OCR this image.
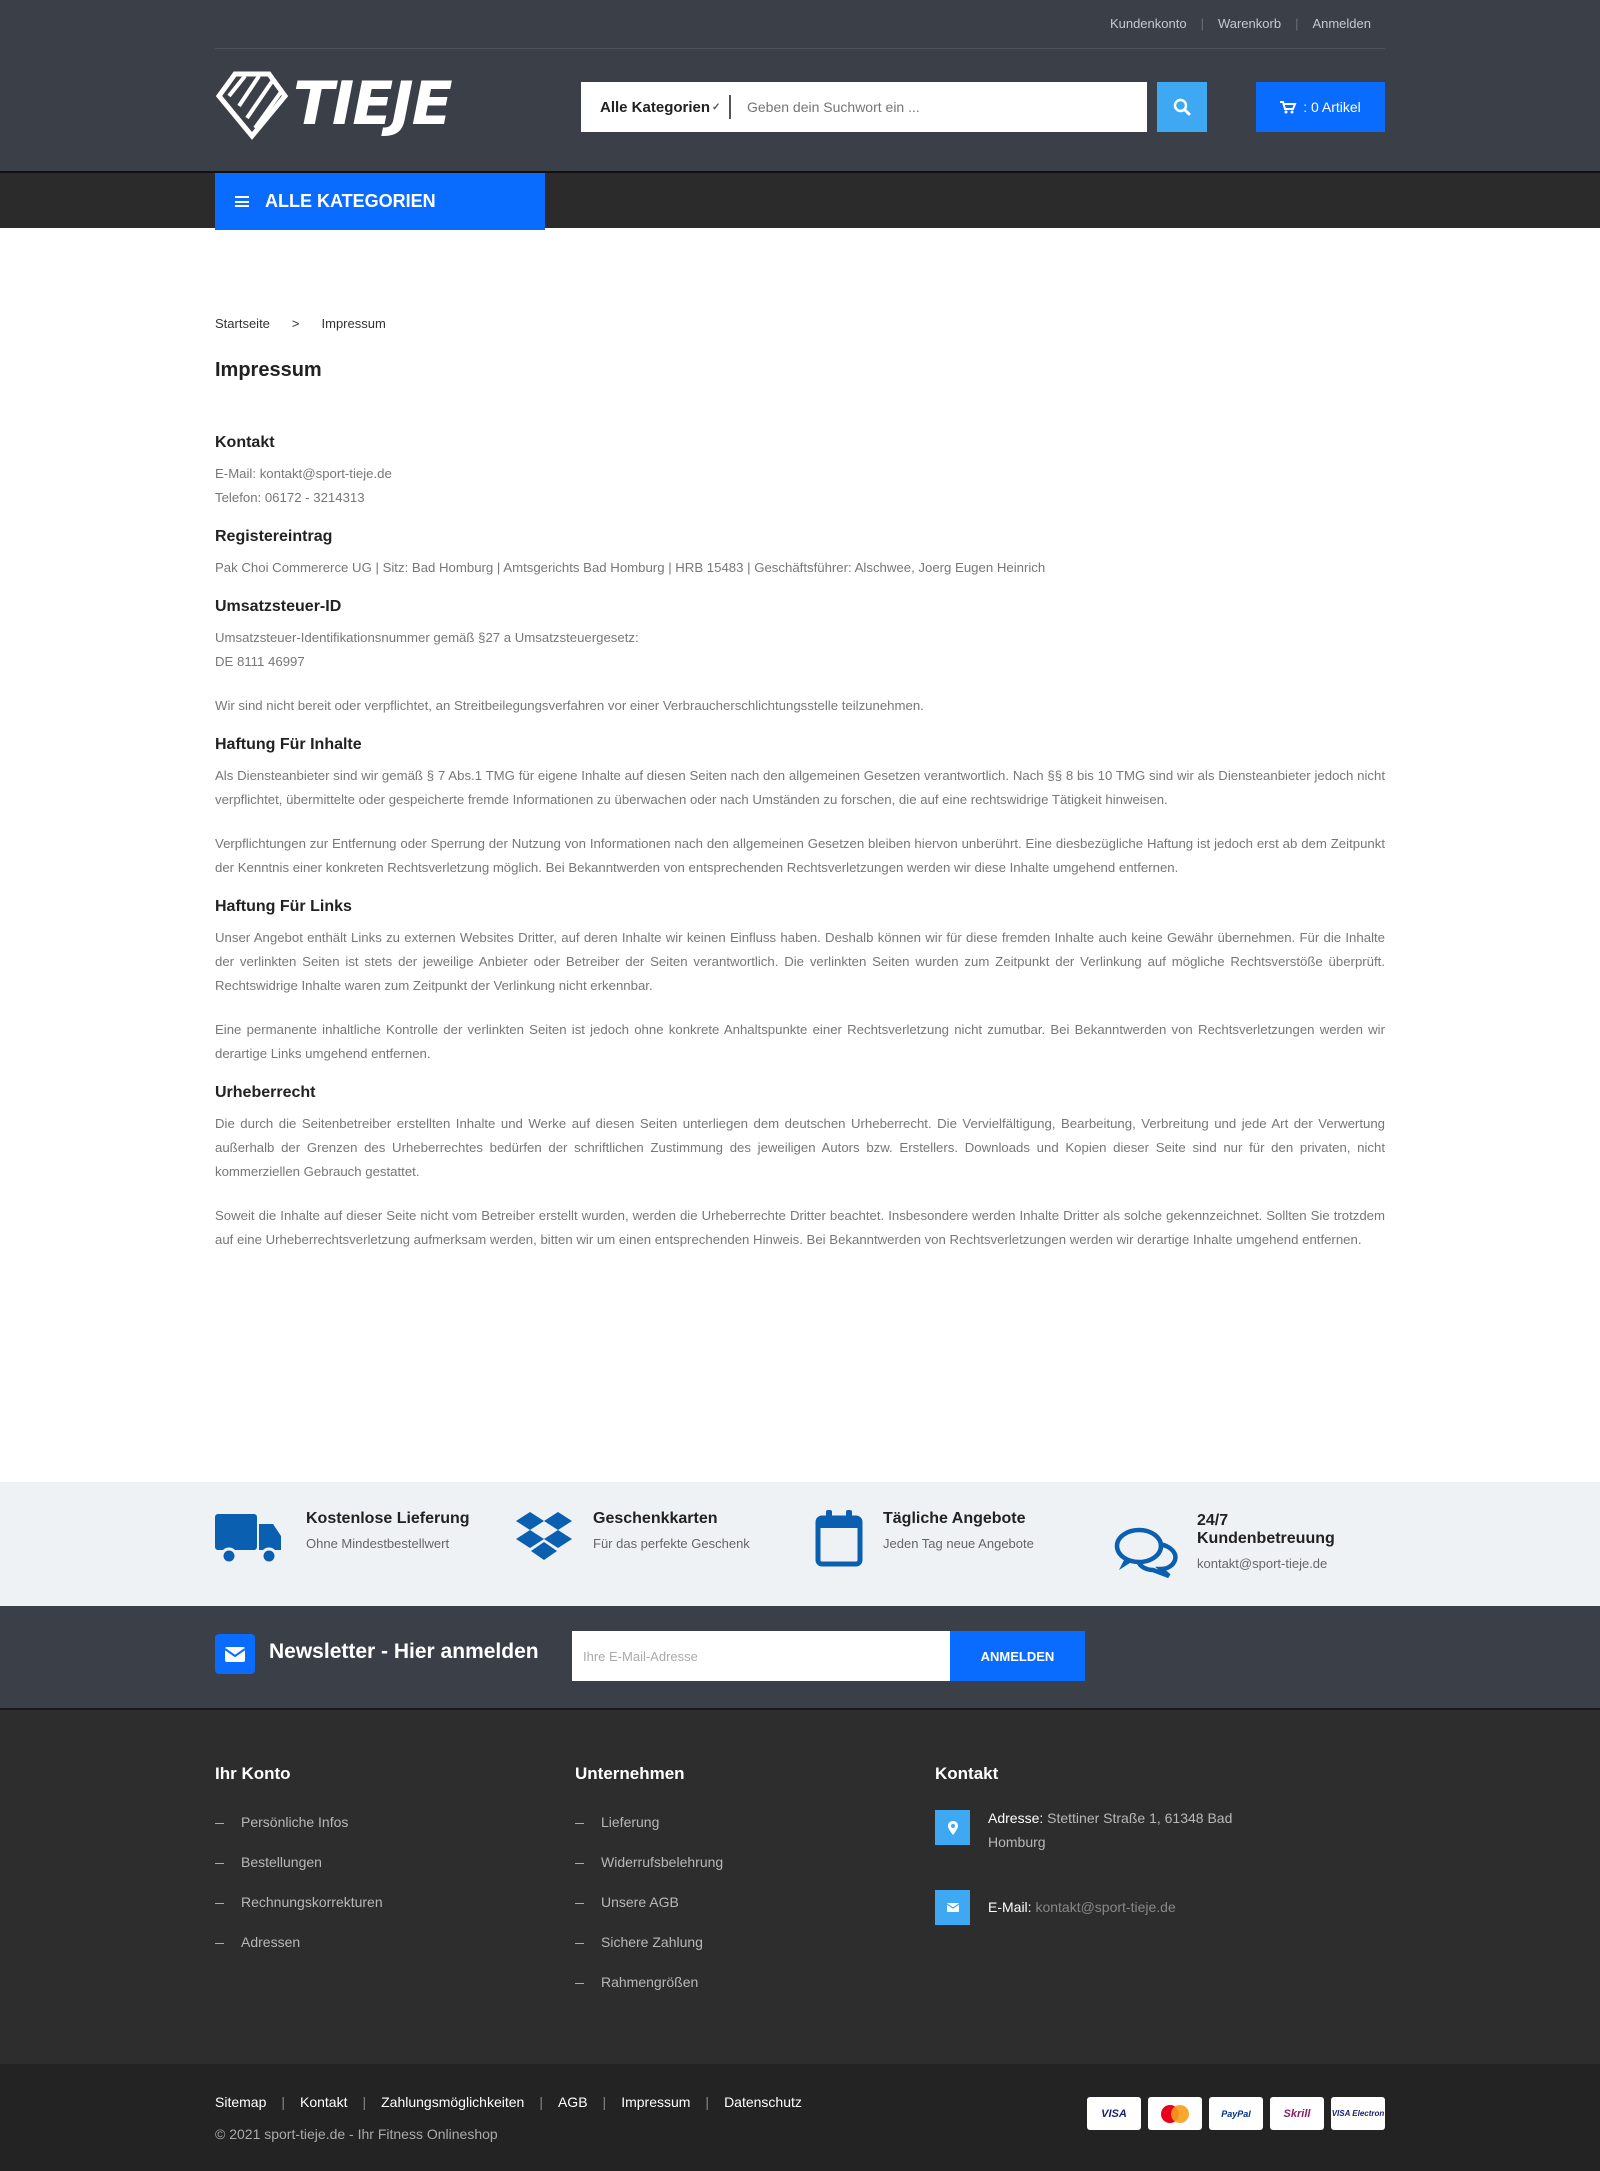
Kundenkonto	|	Warenkorb	|	Anmelden
TIEJE	Alle Kategorien ✓
Geben dein Suchwort ein ...	: 0 Artikel
ALLE KATEGORIEN
Startseite > Impressum
Impressum
Kontakt
E-Mail: kontakt@sport-tieje.de
Telefon: 06172 - 3214313
Registereintrag
Pak Choi Commererce UG | Sitz: Bad Homburg | Amtsgerichts Bad Homburg | HRB 15483 | Geschäftsführer: Alschwee, Joerg Eugen Heinrich
Umsatzsteuer-ID
Umsatzsteuer-Identifikationsnummer gemäß §27 a Umsatzsteuergesetz:
DE 8111 46997
Wir sind nicht bereit oder verpflichtet, an Streitbeilegungsverfahren vor einer Verbraucherschlichtungsstelle teilzunehmen.
Haftung Für Inhalte
Als Diensteanbieter sind wir gemäß § 7 Abs.1 TMG für eigene Inhalte auf diesen Seiten nach den allgemeinen Gesetzen verantwortlich. Nach §§ 8 bis 10 TMG sind wir als Diensteanbieter jedoch nicht verpflichtet, übermittelte oder gespeicherte fremde Informationen zu überwachen oder nach Umständen zu forschen, die auf eine rechtswidrige Tätigkeit hinweisen.
Verpflichtungen zur Entfernung oder Sperrung der Nutzung von Informationen nach den allgemeinen Gesetzen bleiben hiervon unberührt. Eine diesbezügliche Haftung ist jedoch erst ab dem Zeitpunkt der Kenntnis einer konkreten Rechtsverletzung möglich. Bei Bekanntwerden von entsprechenden Rechtsverletzungen werden wir diese Inhalte umgehend entfernen.
Haftung Für Links
Unser Angebot enthält Links zu externen Websites Dritter, auf deren Inhalte wir keinen Einfluss haben. Deshalb können wir für diese fremden Inhalte auch keine Gewähr übernehmen. Für die Inhalte der verlinkten Seiten ist stets der jeweilige Anbieter oder Betreiber der Seiten verantwortlich. Die verlinkten Seiten wurden zum Zeitpunkt der Verlinkung auf mögliche Rechtsverstöße überprüft. Rechtswidrige Inhalte waren zum Zeitpunkt der Verlinkung nicht erkennbar.
Eine permanente inhaltliche Kontrolle der verlinkten Seiten ist jedoch ohne konkrete Anhaltspunkte einer Rechtsverletzung nicht zumutbar. Bei Bekanntwerden von Rechtsverletzungen werden wir derartige Links umgehend entfernen.
Urheberrecht
Die durch die Seitenbetreiber erstellten Inhalte und Werke auf diesen Seiten unterliegen dem deutschen Urheberrecht. Die Vervielfältigung, Bearbeitung, Verbreitung und jede Art der Verwertung außerhalb der Grenzen des Urheberrechtes bedürfen der schriftlichen Zustimmung des jeweiligen Autors bzw. Erstellers. Downloads und Kopien dieser Seite sind nur für den privaten, nicht kommerziellen Gebrauch gestattet.
Soweit die Inhalte auf dieser Seite nicht vom Betreiber erstellt wurden, werden die Urheberrechte Dritter beachtet. Insbesondere werden Inhalte Dritter als solche gekennzeichnet. Sollten Sie trotzdem auf eine Urheberrechtsverletzung aufmerksam werden, bitten wir um einen entsprechenden Hinweis. Bei Bekanntwerden von Rechtsverletzungen werden wir derartige Inhalte umgehend entfernen.
Kostenlose Lieferung
Ohne Mindestbestellwert
Geschenkkarten
Für das perfekte Geschenk
Tägliche Angebote
Jeden Tag neue Angebote
24/7 Kundenbetreuung
kontakt@sport-tieje.de
Newsletter - Hier anmelden	Ihre E-Mail-Adresse	ANMELDEN
Ihr Konto
Persönliche Infos
Bestellungen
Rechnungskorrekturen
Adressen
Unternehmen
Lieferung
Widerrufsbelehrung
Unsere AGB
Sichere Zahlung
Rahmengrößen
Kontakt
Adresse: Stettiner Straße 1, 61348 Bad Homburg
E-Mail: kontakt@sport-tieje.de
Sitemap | Kontakt | Zahlungsmöglichkeiten | AGB | Impressum | Datenschutz
© 2021 sport-tieje.de - Ihr Fitness Onlineshop
VISA	PayPal	Skrill	VISA Electron
